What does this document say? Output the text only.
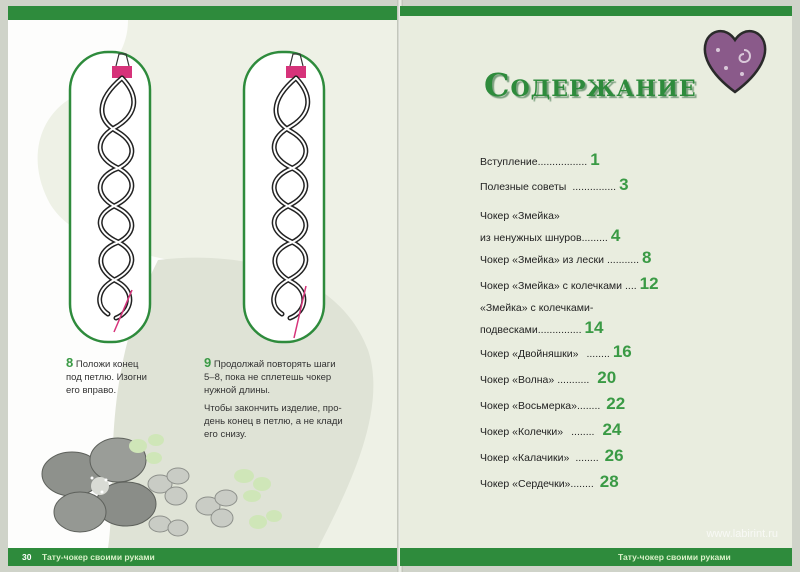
8 Положи конец
под петлю. Изогни
его вправо.
9 Продолжай повторять шаги
5–8, пока не сплетешь чокер
нужной длины.
Чтобы закончить изделие, про-
день конец в петлю, а не клади
его снизу.
30 Тату-чокер своими руками
Содержание
Вступление ................. 1
Полезные советы ............... 3
Чокер «Змейка»
из ненужных шнуров ......... 4
Чокер «Змейка» из лески ........... 8
Чокер «Змейка» с колечками .... 12
«Змейка» с колечками-
подвесками ............... 14
Чокер «Двойняшки» ........ 16
Чокер «Волна» ........... 20
Чокер «Восьмерка» ........ 22
Чокер «Колечки» ........ 24
Чокер «Калачики» ........ 26
Чокер «Сердечки» ........ 28
Тату-чокер своими руками
www.labirint.ru
